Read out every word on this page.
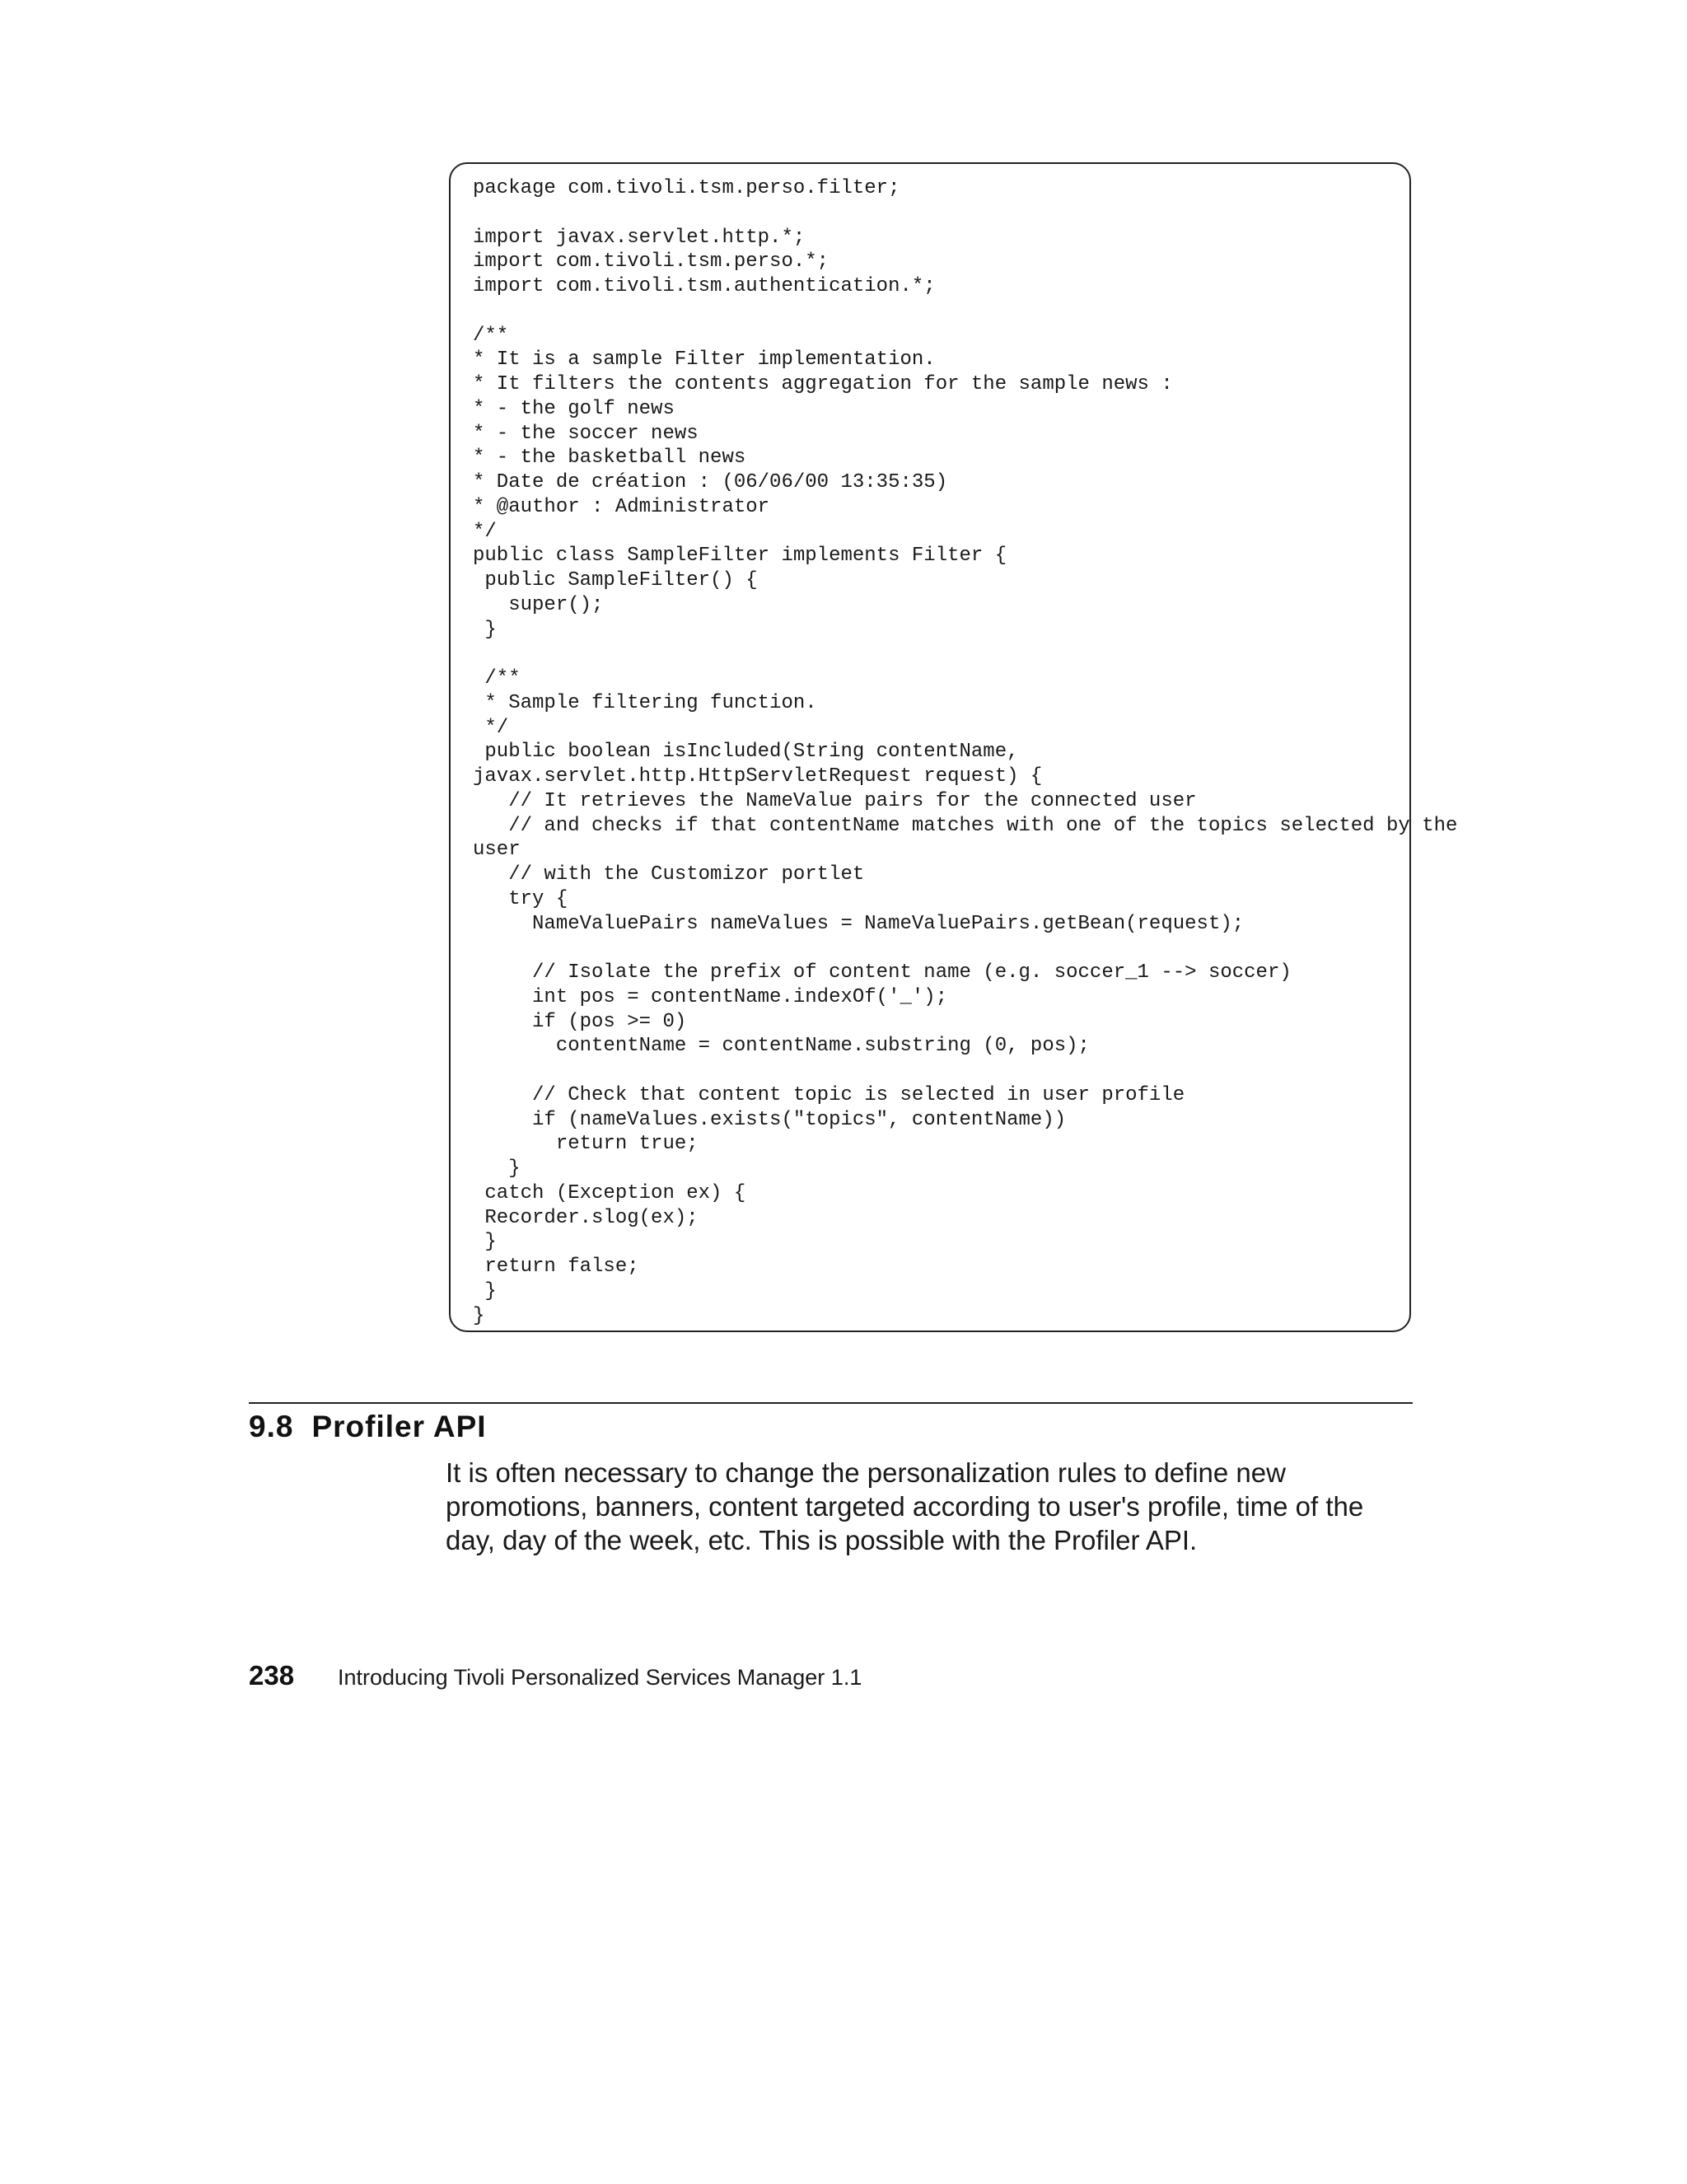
package com.tivoli.tsm.perso.filter;
import javax.servlet.http.*;
import com.tivoli.tsm.perso.*;
import com.tivoli.tsm.authentication.*;
/**
* It is a sample Filter implementation.
* It filters the contents aggregation for the sample news :
* - the golf news
* - the soccer news
* - the basketball news
* Date de création : (06/06/00 13:35:35)
* @author : Administrator
*/
public class SampleFilter implements Filter {
public SampleFilter() {
super();
}
/**
* Sample filtering function.
*/
public boolean isIncluded(String contentName,
javax.servlet.http.HttpServletRequest request) {
// It retrieves the NameValue pairs for the connected user
// and checks if that contentName matches with one of the topics selected by the
user
// with the Customizor portlet
try {
NameValuePairs nameValues = NameValuePairs.getBean(request);
// Isolate the prefix of content name (e.g. soccer_1 --> soccer)
int pos = contentName.indexOf('_');
if (pos >= 0)
contentName = contentName.substring (0, pos);
// Check that content topic is selected in user profile
if (nameValues.exists("topics", contentName))
return true;
}
catch (Exception ex) {
Recorder.slog(ex);
}
return false;
}
}
9.8 Profiler API
It is often necessary to change the personalization rules to define new
promotions, banners, content targeted according to user's profile, time of the
day, day of the week, etc. This is possible with the Profiler API.
238 Introducing Tivoli Personalized Services Manager 1.1
